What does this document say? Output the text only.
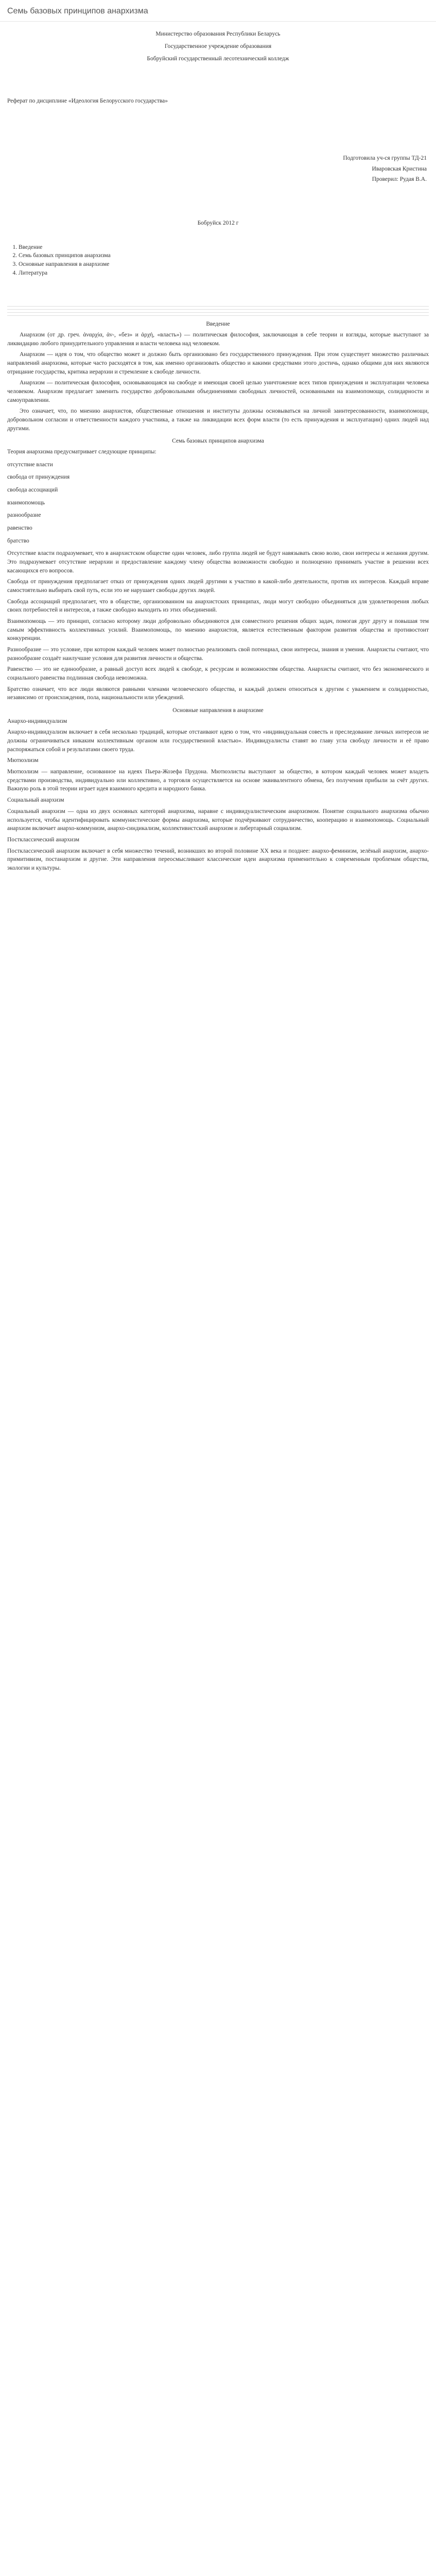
Семь базовых принципов анархизма

Министерство образования Республики Беларусь

Государственное учреждение образования

Бобруйский государственный лесотехнический колледж

Реферат по дисциплине «Идеология Белорусского государства»

Подготовила уч-ся группы ТД-21

Иваровская Кристина

Проверил: Рудая В.А.

Бобруйск 2012 г

1. Введение
2. Семь базовых принципов анархизма
3. Основные направления в анархизме
4. Литература
Введение

Анархизм (от др. греч. ἀναρχία, ἀν-, «без» и ἀρχή, «власть») — политическая философия, заключающая в себе теории и взгляды, которые выступают за ликвидацию любого принудительного управления и власти человека над человеком.

Анархизм — идея о том, что общество может и должно быть организовано без государственного принуждения. При этом существует множество различных направлений анархизма, которые часто расходятся в том, как именно организовать общество и какими средствами этого достичь, однако общими для них являются отрицание государства, критика иерархии и стремление к свободе личности.

Анархизм — политическая философия, основывающаяся на свободе и имеющая своей целью уничтожение всех типов принуждения и эксплуатации человека человеком. Анархизм предлагает заменить государство добровольными объединениями свободных личностей, основанными на взаимопомощи, солидарности и самоуправлении.

Это означает, что, по мнению анархистов, общественные отношения и институты должны основываться на личной заинтересованности, взаимопомощи, добровольном согласии и ответственности каждого участника, а также на ликвидации всех форм власти (то есть принуждения и эксплуатации) одних людей над другими.

Семь базовых принципов анархизма

Теория анархизма предусматривает следующие принципы:

отсутствие власти

свобода от принуждения

свобода ассоциаций

взаимопомощь

разнообразие

равенство

братство

Отсутствие власти подразумевает, что в анархистском обществе один человек, либо группа людей не будут навязывать свою волю, свои интересы и желания другим. Это подразумевает отсутствие иерархии и предоставление каждому члену общества возможности свободно и полноценно принимать участие в решении всех касающихся его вопросов.

Свобода от принуждения предполагает отказ от принуждения одних людей другими к участию в какой-либо деятельности, против их интересов. Каждый вправе самостоятельно выбирать свой путь, если это не нарушает свободы других людей.

Свобода ассоциаций предполагает, что в обществе, организованном на анархистских принципах, люди могут свободно объединяться для удовлетворения любых своих потребностей и интересов, а также свободно выходить из этих объединений.

Взаимопомощь — это принцип, согласно которому люди добровольно объединяются для совместного решения общих задач, помогая друг другу и повышая тем самым эффективность коллективных усилий. Взаимопомощь, по мнению анархистов, является естественным фактором развития общества и противостоит конкуренции.

Разнообразие — это условие, при котором каждый человек может полностью реализовать свой потенциал, свои интересы, знания и умения. Анархисты считают, что разнообразие создаёт наилучшие условия для развития личности и общества.

Равенство — это не единообразие, а равный доступ всех людей к свободе, к ресурсам и возможностям общества. Анархисты считают, что без экономического и социального равенства подлинная свобода невозможна.

Братство означает, что все люди являются равными членами человеческого общества, и каждый должен относиться к другим с уважением и солидарностью, независимо от происхождения, пола, национальности или убеждений.

Основные направления в анархизме

Анархо-индивидуализм

Анархо-индивидуализм включает в себя несколько традиций, которые отстаивают идею о том, что «индивидуальная совесть и преследование личных интересов не должны ограничиваться никаким коллективным органом или государственной властью». Индивидуалисты ставят во главу угла свободу личности и её право распоряжаться собой и результатами своего труда.

Мютюэлизм

Мютюэлизм — направление, основанное на идеях Пьера-Жозефа Прудона. Мютюэлисты выступают за общество, в котором каждый человек может владеть средствами производства, индивидуально или коллективно, а торговля осуществляется на основе эквивалентного обмена, без получения прибыли за счёт других. Важную роль в этой теории играет идея взаимного кредита и народного банка.

Социальный анархизм

Социальный анархизм — одна из двух основных категорий анархизма, наравне с индивидуалистическим анархизмом. Понятие социального анархизма обычно используется, чтобы идентифицировать коммунистические формы анархизма, которые подчёркивают сотрудничество, кооперацию и взаимопомощь. Социальный анархизм включает анархо-коммунизм, анархо-синдикализм, коллективистский анархизм и либертарный социализм.

Постклассический анархизм

Постклассический анархизм включает в себя множество течений, возникших во второй половине XX века и позднее: анархо-феминизм, зелёный анархизм, анархо-примитивизм, постанархизм и другие. Эти направления переосмысливают классические идеи анархизма применительно к современным проблемам общества, экологии и культуры.
